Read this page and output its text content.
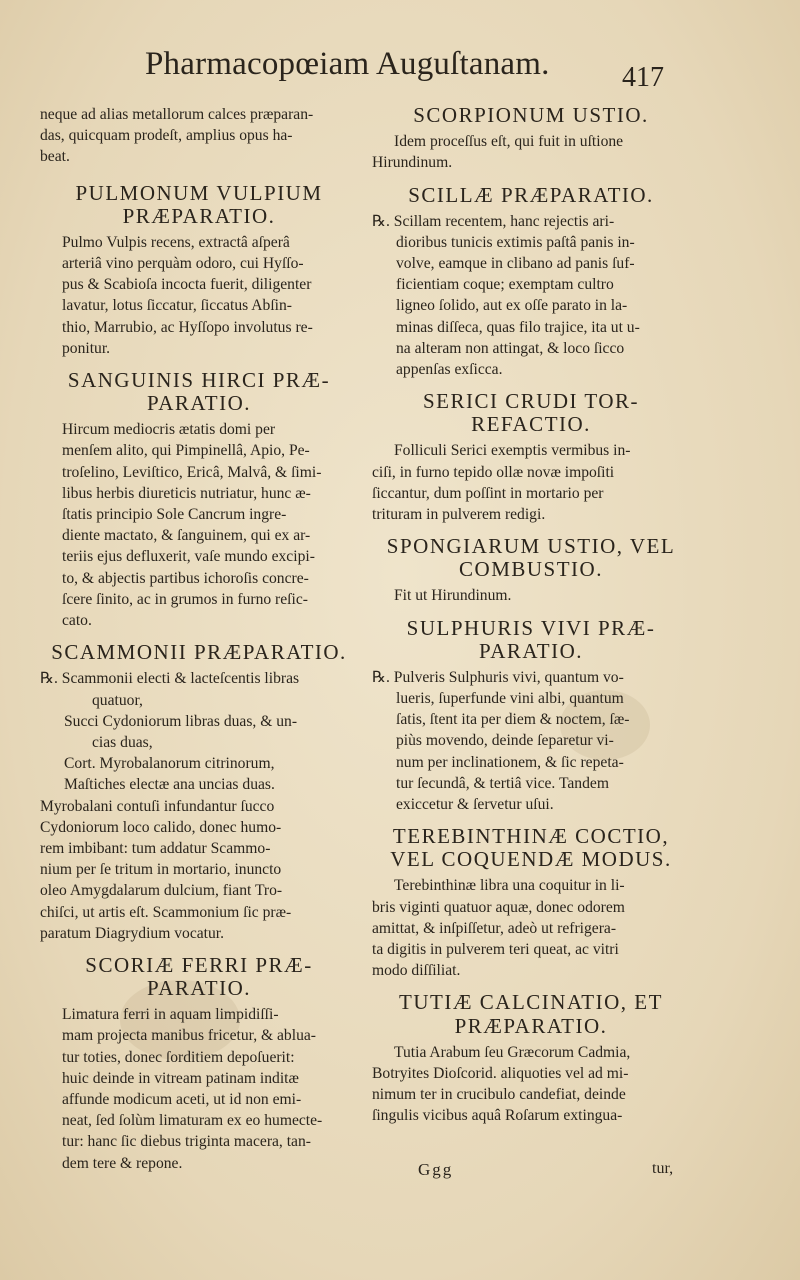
Pharmacopœiam Auguſtanam.	417

neque ad alias metallorum calces præparan-
das, quicquam prodeſt, amplius opus ha-
beat.

PULMONUM VULPIUM
PRÆPARATIO.

Pulmo Vulpis recens, extractâ aſperâ
arteriâ vino perquàm odoro, cui Hyſſo-
pus & Scabioſa incocta fuerit, diligenter
lavatur, lotus ſiccatur, ſiccatus Abſin-
thio, Marrubio, ac Hyſſopo involutus re-
ponitur.

SANGUINIS HIRCI PRÆ-
PARATIO.

Hircum mediocris ætatis domi per
menſem alito, qui Pimpinellâ, Apio, Pe-
troſelino, Leviſtico, Ericâ, Malvâ, & ſimi-
libus herbis diureticis nutriatur, hunc æ-
ſtatis principio Sole Cancrum ingre-
diente mactato, & ſanguinem, qui ex ar-
teriis ejus defluxerit, vaſe mundo excipi-
to, & abjectis partibus ichoroſis concre-
ſcere ſinito, ac in grumos in furno reſic-
cato.

SCAMMONII PRÆPARATIO.

℞. Scammonii electi & lacteſcentis libras
quatuor,
Succi Cydoniorum libras duas, & un-
cias duas,
Cort. Myrobalanorum citrinorum,
Maſtiches electæ ana uncias duas.

Myrobalani contuſi infundantur ſucco
Cydoniorum loco calido, donec humo-
rem imbibant: tum addatur Scammo-
nium per ſe tritum in mortario, inuncto
oleo Amygdalarum dulcium, fiant Tro-
chiſci, ut artis eſt. Scammonium ſic præ-
paratum Diagrydium vocatur.

SCORIÆ FERRI PRÆ-
PARATIO.

Limatura ferri in aquam limpidiſſi-
mam projecta manibus fricetur, & ablua-
tur toties, donec ſorditiem depoſuerit:
huic deinde in vitream patinam inditæ
affunde modicum aceti, ut id non emi-
neat, ſed ſolùm limaturam ex eo humecte-
tur: hanc ſic diebus triginta macera, tan-
dem tere & repone.

SCORPIONUM USTIO.

Idem proceſſus eſt, qui fuit in uſtione
Hirundinum.

SCILLÆ PRÆPARATIO.

℞. Scillam recentem, hanc rejectis ari-
dioribus tunicis extimis paſtâ panis in-
volve, eamque in clibano ad panis ſuf-
ficientiam coque; exemptam cultro
ligneo ſolido, aut ex oſſe parato in la-
minas diſſeca, quas filo trajice, ita ut u-
na alteram non attingat, & loco ſicco
appenſas exſicca.

SERICI CRUDI TOR-
REFACTIO.

Folliculi Serici exemptis vermibus in-
ciſi, in furno tepido ollæ novæ impoſiti
ſiccantur, dum poſſint in mortario per
trituram in pulverem redigi.

SPONGIARUM USTIO, VEL
COMBUSTIO.

Fit ut Hirundinum.

SULPHURIS VIVI PRÆ-
PARATIO.

℞. Pulveris Sulphuris vivi, quantum vo-
lueris, ſuperfunde vini albi, quantum
ſatis, ſtent ita per diem & noctem, ſæ-
piùs movendo, deinde ſeparetur vi-
num per inclinationem, & ſic repeta-
tur ſecundâ, & tertiâ vice. Tandem
exiccetur & ſervetur uſui.

TEREBINTHINÆ COCTIO,
VEL COQUENDÆ MODUS.

Terebinthinæ libra una coquitur in li-
bris viginti quatuor aquæ, donec odorem
amittat, & inſpiſſetur, adeò ut refrigera-
ta digitis in pulverem teri queat, ac vitri
modo diſſiliat.

TUTIÆ CALCINATIO, ET
PRÆPARATIO.

Tutia Arabum ſeu Græcorum Cadmia,
Botryites Dioſcorid. aliquoties vel ad mi-
nimum ter in crucibulo candefiat, deinde
ſingulis vicibus aquâ Roſarum extingua-

Ggg	tur,
